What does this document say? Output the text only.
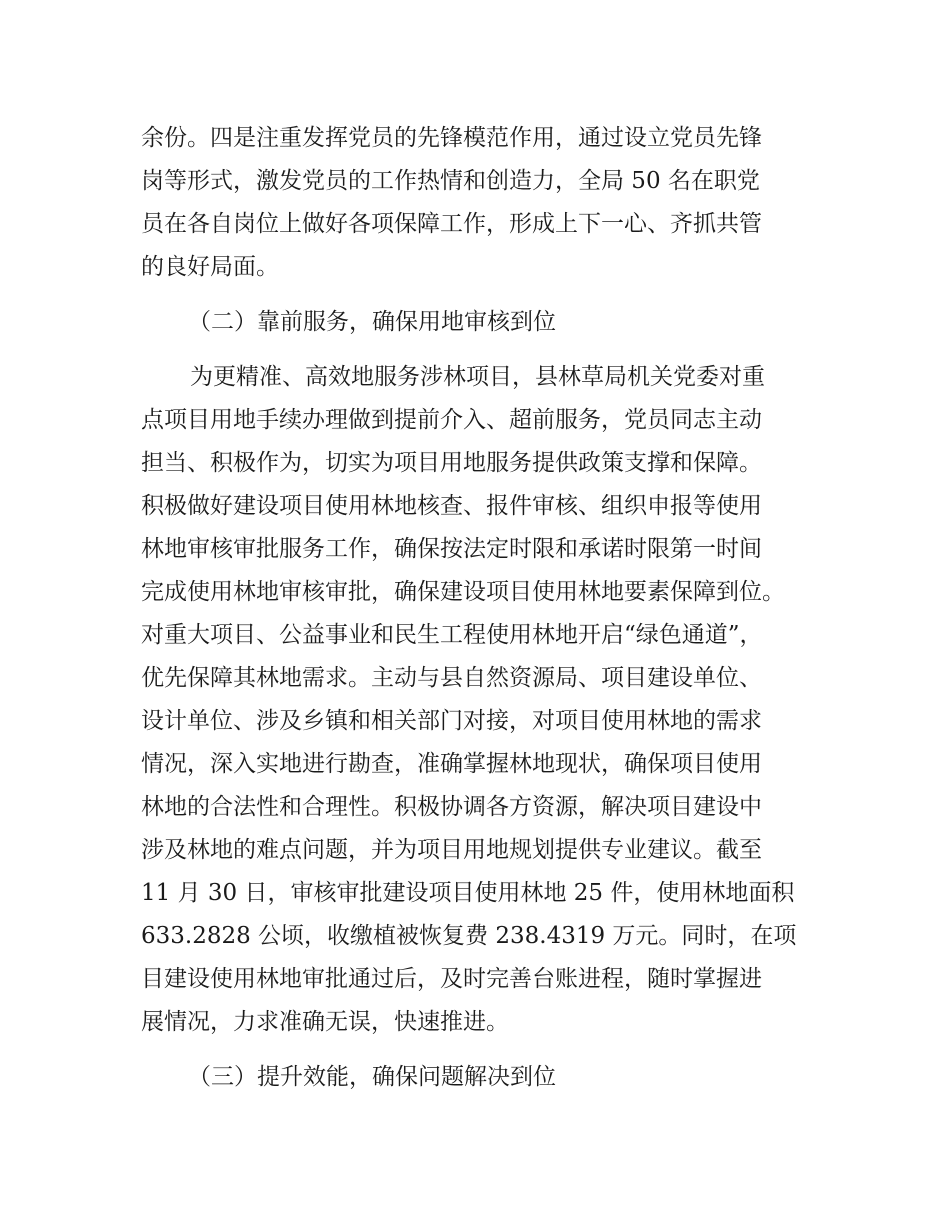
余份。四是注重发挥党员的先锋模范作用，通过设立党员先锋
岗等形式，激发党员的工作热情和创造力，全局 50 名在职党
员在各自岗位上做好各项保障工作，形成上下一心、齐抓共管
的良好局面。
（二）靠前服务，确保用地审核到位
为更精准、高效地服务涉林项目，县林草局机关党委对重
点项目用地手续办理做到提前介入、超前服务，党员同志主动
担当、积极作为，切实为项目用地服务提供政策支撑和保障。
积极做好建设项目使用林地核查、报件审核、组织申报等使用
林地审核审批服务工作，确保按法定时限和承诺时限第一时间
完成使用林地审核审批，确保建设项目使用林地要素保障到位。
对重大项目、公益事业和民生工程使用林地开启“绿色通道”，
优先保障其林地需求。主动与县自然资源局、项目建设单位、
设计单位、涉及乡镇和相关部门对接，对项目使用林地的需求
情况，深入实地进行勘查，准确掌握林地现状，确保项目使用
林地的合法性和合理性。积极协调各方资源，解决项目建设中
涉及林地的难点问题，并为项目用地规划提供专业建议。截至
11 月 30 日，审核审批建设项目使用林地 25 件，使用林地面积
633.2828 公顷，收缴植被恢复费 238.4319 万元。同时，在项
目建设使用林地审批通过后，及时完善台账进程，随时掌握进
展情况，力求准确无误，快速推进。
（三）提升效能，确保问题解决到位
